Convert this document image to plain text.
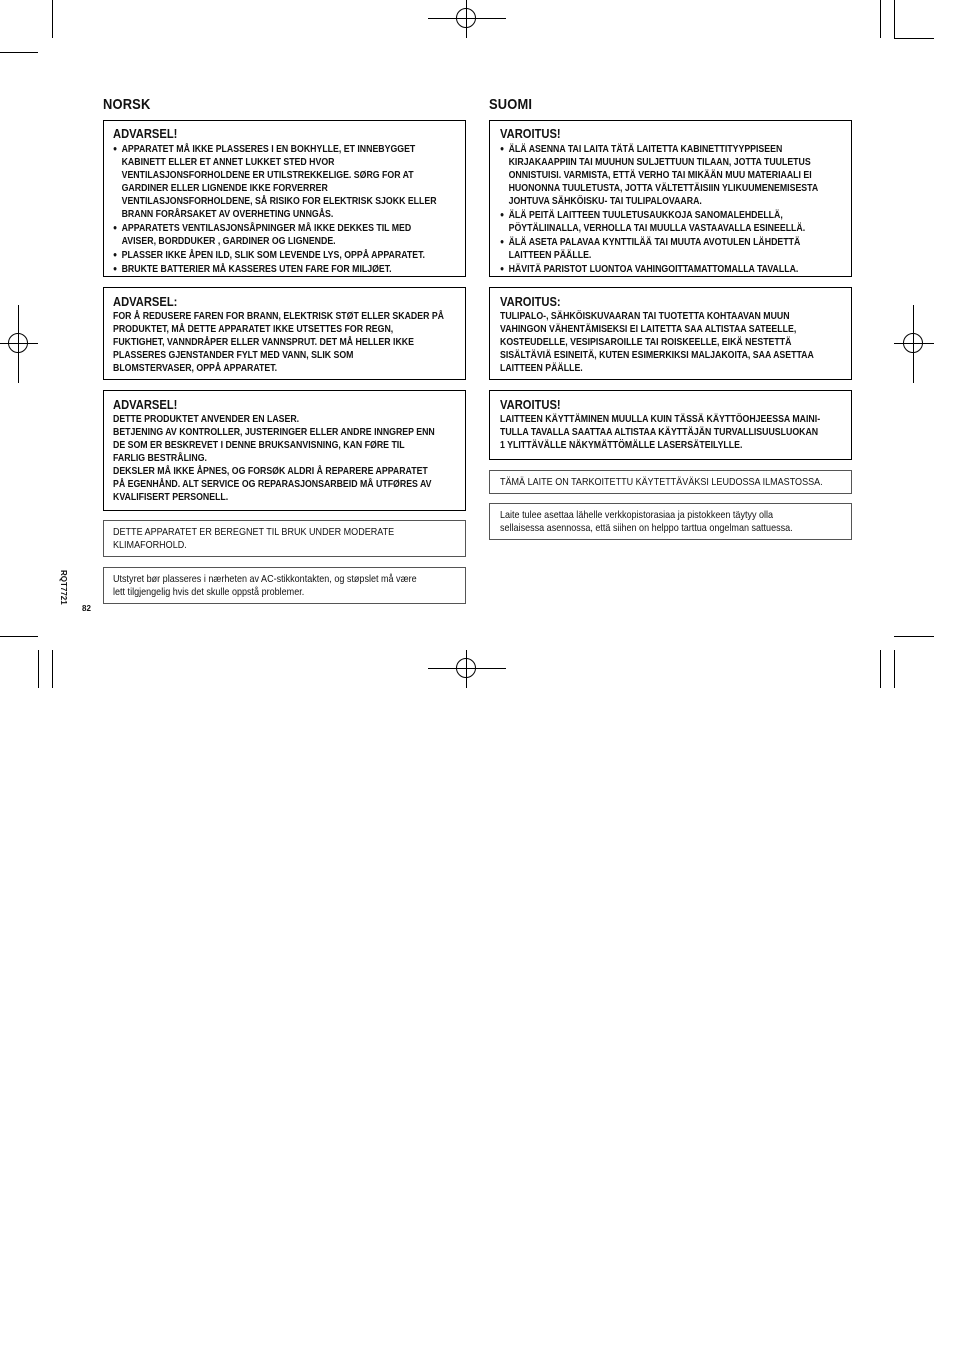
RQT7721
82
NORSK
ADVARSEL!
● APPARATET MÅ IKKE PLASSERES I EN BOKHYLLE, ET INNEBYGGET
KABINETT ELLER ET ANNET LUKKET STED HVOR
VENTILASJONSFORHOLDENE ER UTILSTREKKELIGE. SØRG FOR AT
GARDINER ELLER LIGNENDE IKKE FORVERRER
VENTILASJONSFORHOLDENE, SÅ RISIKO FOR ELEKTRISK SJOKK ELLER
BRANN FORÅRSAKET AV OVERHETING UNNGÅS.
● APPARATETS VENTILASJONSÅPNINGER MÅ IKKE DEKKES TIL MED
AVISER, BORDDUKER , GARDINER OG LIGNENDE.
● PLASSER IKKE ÅPEN ILD, SLIK SOM LEVENDE LYS, OPPÅ APPARATET.
● BRUKTE BATTERIER MÅ KASSERES UTEN FARE FOR MILJØET.
ADVARSEL:
FOR Å REDUSERE FAREN FOR BRANN, ELEKTRISK STØT ELLER SKADER PÅ
PRODUKTET, MÅ DETTE APPARATET IKKE UTSETTES FOR REGN,
FUKTIGHET, VANNDRÅPER ELLER VANNSPRUT. DET MÅ HELLER IKKE
PLASSERES GJENSTANDER FYLT MED VANN, SLIK SOM
BLOMSTERVASER, OPPÅ APPARATET.
ADVARSEL!
DETTE PRODUKTET ANVENDER EN LASER.
BETJENING AV KONTROLLER, JUSTERINGER ELLER ANDRE INNGREP ENN
DE SOM ER BESKREVET I DENNE BRUKSANVISNING, KAN FØRE TIL
FARLIG BESTRÅLING.
DEKSLER MÅ IKKE ÅPNES, OG FORSØK ALDRI Å REPARERE APPARATET
PÅ EGENHÅND. ALT SERVICE OG REPARASJONSARBEID MÅ UTFØRES AV
KVALIFISERT PERSONELL.
DETTE APPARATET ER BEREGNET TIL BRUK UNDER MODERATE
KLIMAFORHOLD.
Utstyret bør plasseres i nærheten av AC-stikkontakten, og støpslet må være
lett tilgjengelig hvis det skulle oppstå problemer.
SUOMI
VAROITUS!
● ÄLÄ ASENNA TAI LAITA TÄTÄ LAITETTA KABINETTITYYPPISEEN
KIRJAKAAPPIIN TAI MUUHUN SULJETTUUN TILAAN, JOTTA TUULETUS
ONNISTUISI. VARMISTA, ETTÄ VERHO TAI MIKÄÄN MUU MATERIAALI EI
HUONONNA TUULETUSTA, JOTTA VÄLTETTÄISIIN YLIKUUMENEMISESTA
JOHTUVA SÄHKÖISKU- TAI TULIPALOVAARA.
● ÄLÄ PEITÄ LAITTEEN TUULETUSAUKKOJA SANOMALEHDELLÄ,
PÖYTÄLIINALLA, VERHOLLA TAI MUULLA VASTAAVALLA ESINEELLÄ.
● ÄLÄ ASETA PALAVAA KYNTTILÄÄ TAI MUUTA AVOTULEN LÄHDETTÄ
LAITTEEN PÄÄLLE.
● HÄVITÄ PARISTOT LUONTOA VAHINGOITTAMATTOMALLA TAVALLA.
VAROITUS:
TULIPALO-, SÄHKÖISKUVAARAN TAI TUOTETTA KOHTAAVAN MUUN
VAHINGON VÄHENTÄMISEKSI EI LAITETTA SAA ALTISTAA SATEELLE,
KOSTEUDELLE, VESIPISAROILLE TAI ROISKEELLE, EIKÄ NESTETTÄ
SISÄLTÄVIÄ ESINEITÄ, KUTEN ESIMERKIKSI MALJAKOITA, SAA ASETTAA
LAITTEEN PÄÄLLE.
VAROITUS!
LAITTEEN KÄYTTÄMINEN MUULLA KUIN TÄSSÄ KÄYTTÖOHJEESSA MAINI-
TULLA TAVALLA SAATTAA ALTISTAA KÄYTTÄJÄN TURVALLISUUSLUOKAN
1 YLITTÄVÄLLE NÄKYMÄTTÖMÄLLE LASERSÄTEILYLLE.
TÄMÄ LAITE ON TARKOITETTU KÄYTETTÄVÄKSI LEUDOSSA ILMASTOSSA.
Laite tulee asettaa lähelle verkkopistorasiaa ja pistokkeen täytyy olla
sellaisessa asennossa, että siihen on helppo tarttua ongelman sattuessa.
